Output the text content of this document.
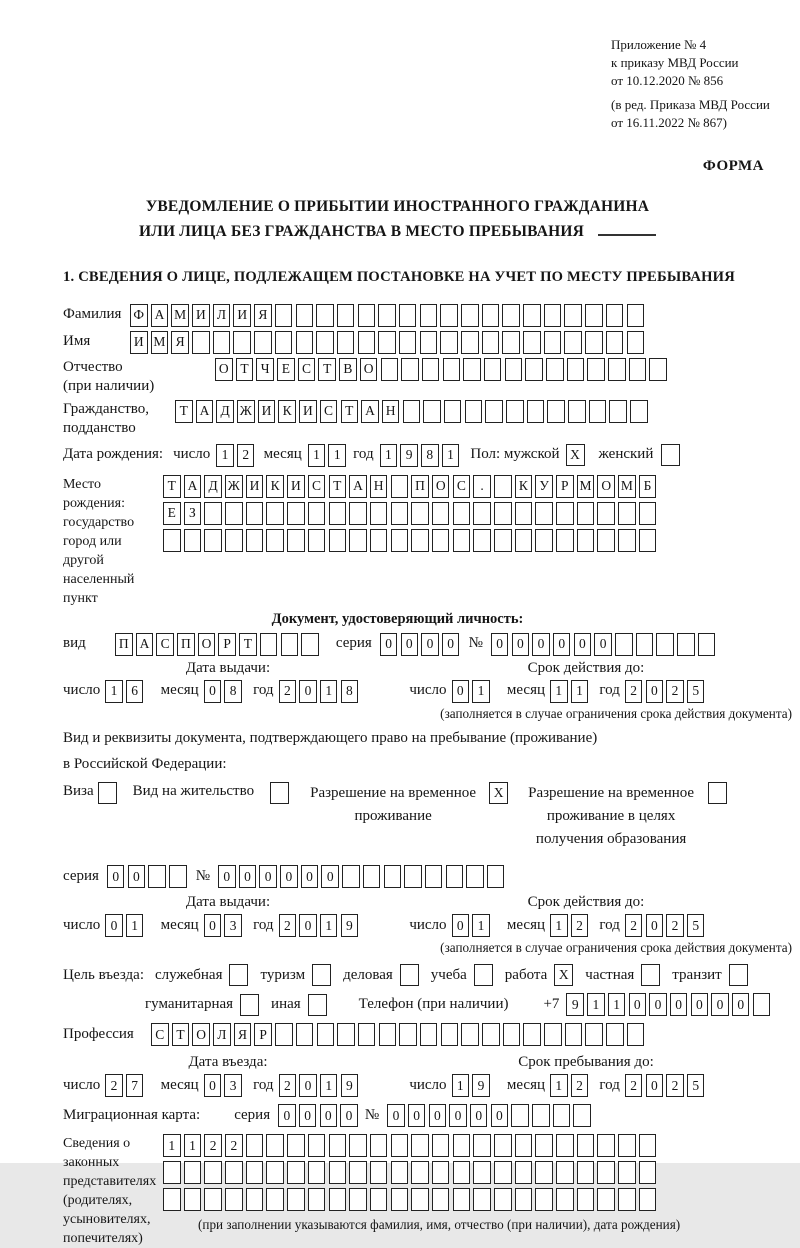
Приложение № 4
к приказу МВД России
от 10.12.2020 № 856
(в ред. Приказа МВД России
от 16.11.2022 № 867)
ФОРМА
УВЕДОМЛЕНИЕ О ПРИБЫТИИ ИНОСТРАННОГО ГРАЖДАНИНА
ИЛИ ЛИЦА БЕЗ ГРАЖДАНСТВА В МЕСТО ПРЕБЫВАНИЯ
1. СВЕДЕНИЯ О ЛИЦЕ, ПОДЛЕЖАЩЕМ ПОСТАНОВКЕ НА УЧЕТ ПО МЕСТУ ПРЕБЫВАНИЯ
Фамилия Ф А М И Л И Я
Имя	И М Я
Отчество
(при наличии)
О Т Ч Е С Т В О
Гражданство,
подданство
Т А Д Ж И К И С Т А Н
Дата рождения: число 1	2 месяц 1	1 год 1	9	8	1	Пол: мужской X	женский
Место рождения:
государство
город или другой
населенный пункт
Т А Д Ж И К И С Т А Н П О С	.	К У Р М О М Б
Е З
Документ, удостоверяющий личность:
вид	П А С П О Р Т	серия 0	0	0	0 № 0	0	0	0	0	0
Дата выдачи:	Срок действия до:
число 1	6	месяц 0	8	год 2	0	1	8	число 0	1	месяц 1	1	год 2	0	2	5
(заполняется в случае ограничения срока действия документа)
Вид и реквизиты документа, подтверждающего право на пребывание (проживание)
в Российской Федерации:
Виза	Вид на жительство	Разрешение на временное
проживание
X	Разрешение на временное
проживание в целях
получения образования
серия 0	0	№ 0	0	0	0	0	0
Дата выдачи:	Срок действия до:
число 0	1	месяц 0	3	год 2	0	1	9	число 0	1	месяц 1	2	год 2	0	2	5
(заполняется в случае ограничения срока действия документа)
Цель въезда: служебная	туризм	деловая	учеба	работа X	частная	транзит
гуманитарная	иная	Телефон (при наличии) +7 9	1	1	0	0	0	0	0	0
Профессия	С Т О Л Я Р
Дата въезда:	Срок пребывания до:
число 2	7	месяц 0	3	год 2	0	1	9	число 1	9	месяц 1	2	год 2	0	2	5
Миграционная карта: серия 0	0	0	0 № 0	0	0	0	0	0
Сведения о
законных
представителях
(родителях,
усыновителях,
попечителях)
1	1	2	2
(при заполнении указываются фамилия, имя, отчество (при наличии), дата рождения)
